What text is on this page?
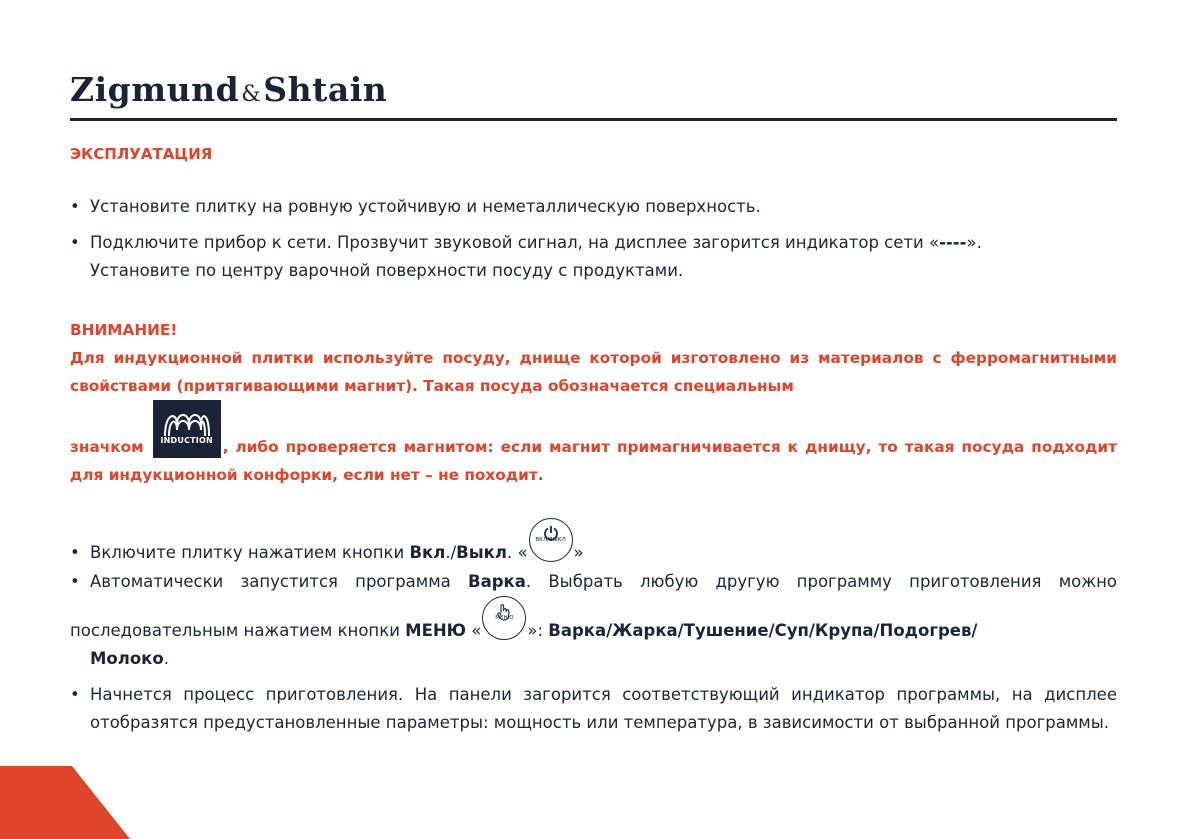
Zigmund&Shtain
ЭКСПЛУАТАЦИЯ
• Установите плитку на ровную устойчивую и неметаллическую поверхность.
• Подключите прибор к сети. Прозвучит звуковой сигнал, на дисплее загорится индикатор сети «----».
Установите по центру варочной поверхности посуду с продуктами.
ВНИМАНИЕ!
Для индукционной плитки используйте посуду, днище которой изготовлено из материалов с ферромагнитными свойствами (притягивающими магнит). Такая посуда обозначается специальным
значком	INDUCTION , либо проверяется магнитом: если магнит примагничивается к днищу, то такая посуда подходит для индукционной конфорки, если нет – не походит.
• Включите плитку нажатием кнопки Вкл./Выкл. «
ВКЛ/ВЫКЛ
»
• Автоматически запустится программа Варка. Выбрать любую другую программу приготовления можно последовательным нажатием кнопки МЕНЮ «
МЕНЮ
»: Варка/Жарка/Тушение/Суп/Крупа/Подогрев/
Молоко.
• Начнется процесс приготовления. На панели загорится соответствующий индикатор программы, на дисплее отобразятся предустановленные параметры: мощность или температура, в зависимости от выбранной программы.
